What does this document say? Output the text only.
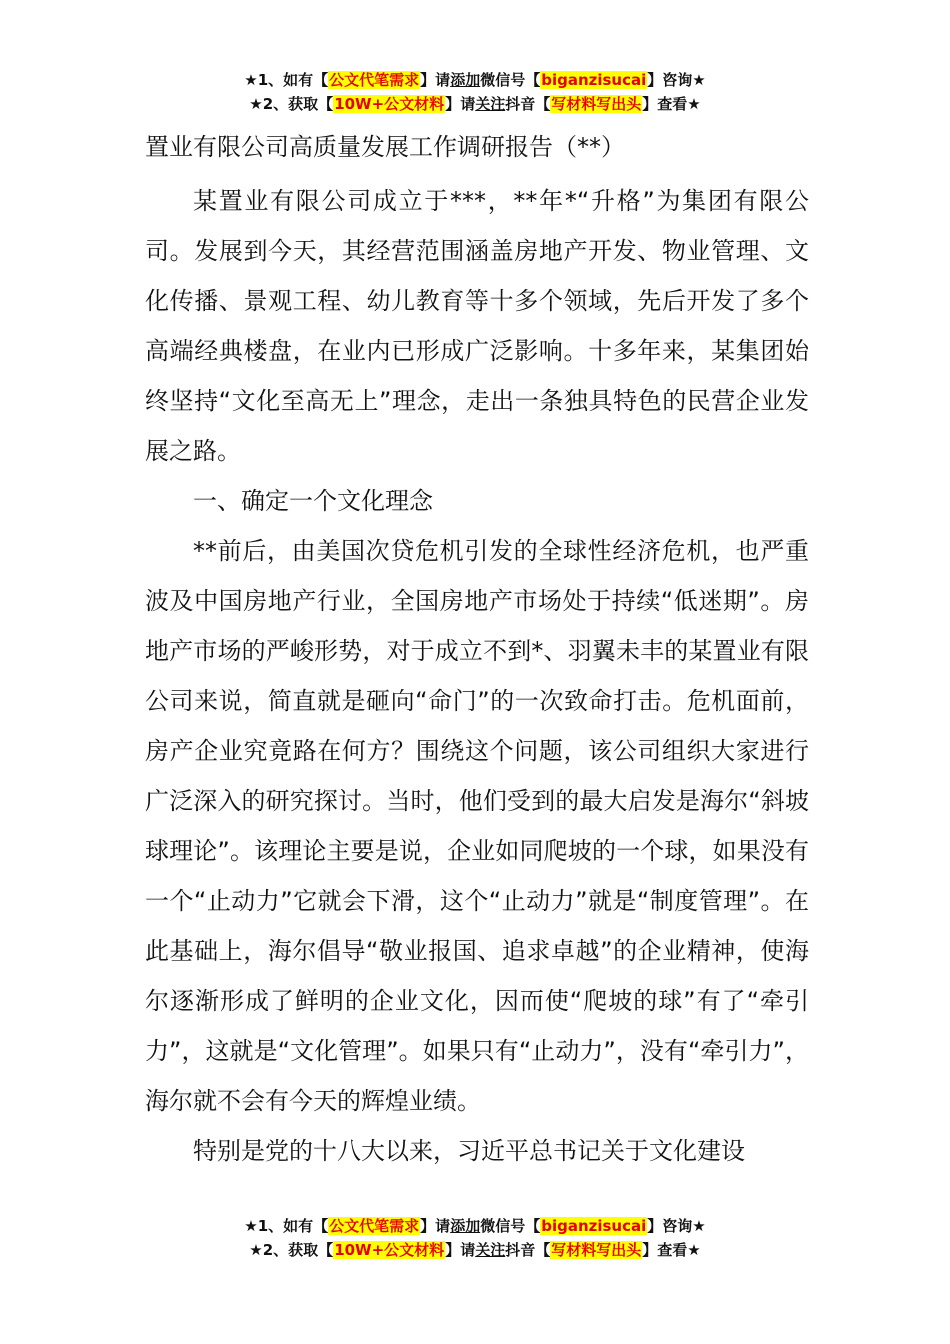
★1、如有【公文代笔需求】请添加微信号【biganzisucai】咨询★
★2、获取【10W+公文材料】请关注抖音【写材料写出头】查看★

置业有限公司高质量发展工作调研报告（**）

某置业有限公司成立于***，**年*“升格”为集团有限公司。发展到今天，其经营范围涵盖房地产开发、物业管理、文化传播、景观工程、幼儿教育等十多个领域，先后开发了多个高端经典楼盘，在业内已形成广泛影响。十多年来，某集团始终坚持“文化至高无上”理念，走出一条独具特色的民营企业发展之路。

一、确定一个文化理念

**前后，由美国次贷危机引发的全球性经济危机，也严重波及中国房地产行业，全国房地产市场处于持续“低迷期”。房地产市场的严峻形势，对于成立不到*、羽翼未丰的某置业有限公司来说，简直就是砸向“命门”的一次致命打击。危机面前，房产企业究竟路在何方？围绕这个问题，该公司组织大家进行广泛深入的研究探讨。当时，他们受到的最大启发是海尔“斜坡球理论”。该理论主要是说，企业如同爬坡的一个球，如果没有一个“止动力”它就会下滑，这个“止动力”就是“制度管理”。在此基础上，海尔倡导“敬业报国、追求卓越”的企业精神，使海尔逐渐形成了鲜明的企业文化，因而使“爬坡的球”有了“牵引力”，这就是“文化管理”。如果只有“止动力”，没有“牵引力”，海尔就不会有今天的辉煌业绩。

特别是党的十八大以来，习近平总书记关于文化建设

★1、如有【公文代笔需求】请添加微信号【biganzisucai】咨询★
★2、获取【10W+公文材料】请关注抖音【写材料写出头】查看★
